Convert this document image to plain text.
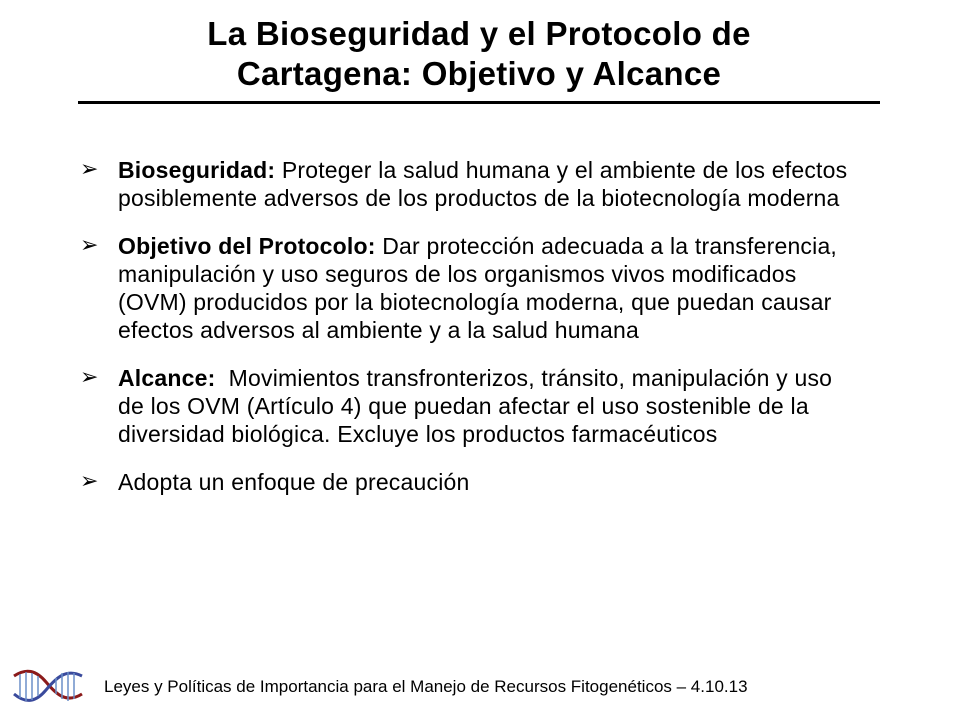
La Bioseguridad y el Protocolo de
Cartagena: Objetivo y Alcance
➢ Bioseguridad: Proteger la salud humana y el ambiente de los efectos posiblemente adversos de los productos de la biotecnología moderna
➢ Objetivo del Protocolo: Dar protección adecuada a la transferencia, manipulación y uso seguros de los organismos vivos modificados (OVM) producidos por la biotecnología moderna, que puedan causar efectos adversos al ambiente y a la salud humana
➢ Alcance:  Movimientos transfronterizos, tránsito, manipulación y uso de los OVM (Artículo 4) que puedan afectar el uso sostenible de la diversidad biológica. Excluye los productos farmacéuticos
➢ Adopta un enfoque de precaución
Leyes y Políticas de Importancia para el Manejo de Recursos Fitogenéticos – 4.10.13
